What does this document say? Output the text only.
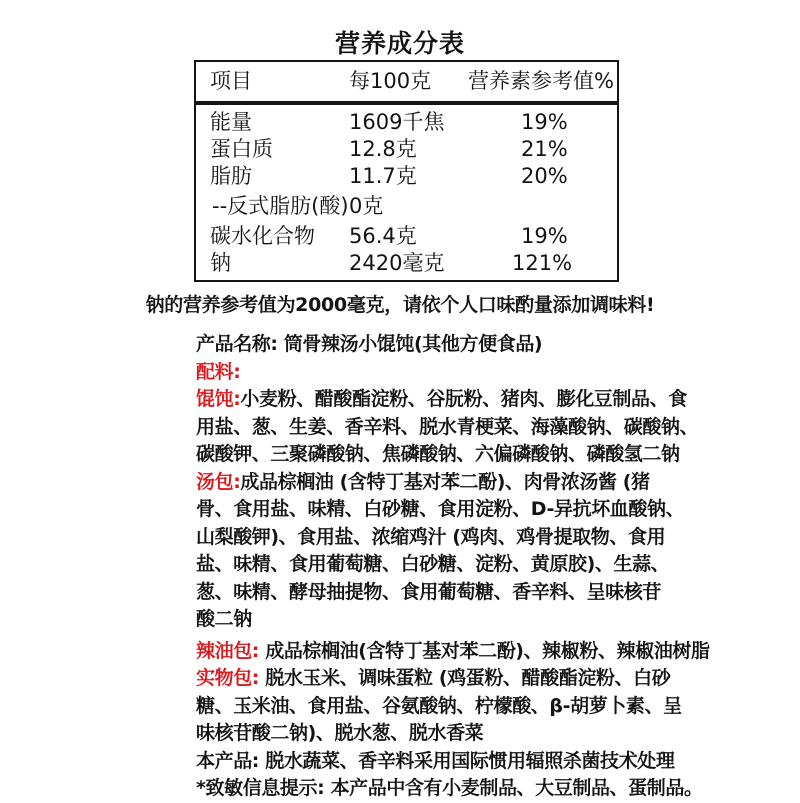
营养成分表
项目	每100克 营养素参考值%
能量	1609千焦	19%
蛋白质	12.8克	21%
脂肪	11.7克	20%
--反式脂肪(酸) 0克
碳水化合物 56.4克	19%
钠	2420毫克	121%
钠的营养参考值为2000毫克，请依个人口味酌量添加调味料!
产品名称: 筒骨辣汤小馄饨(其他方便食品)
配料:
馄饨:小麦粉、醋酸酯淀粉、谷朊粉、猪肉、膨化豆制品、食
用盐、葱、生姜、香辛料、脱水青梗菜、海藻酸钠、碳酸钠、
碳酸钾、三聚磷酸钠、焦磷酸钠、六偏磷酸钠、磷酸氢二钠
汤包:成品棕榈油 (含特丁基对苯二酚)、肉骨浓汤酱 (猪
骨、食用盐、味精、白砂糖、食用淀粉、D-异抗坏血酸钠、
山梨酸钾)、食用盐、浓缩鸡汁 (鸡肉、鸡骨提取物、食用
盐、味精、食用葡萄糖、白砂糖、淀粉、黄原胶)、生蒜、
葱、味精、酵母抽提物、食用葡萄糖、香辛料、呈味核苷
酸二钠
辣油包: 成品棕榈油(含特丁基对苯二酚)、辣椒粉、辣椒油树脂
实物包: 脱水玉米、调味蛋粒 (鸡蛋粉、醋酸酯淀粉、白砂
糖、玉米油、食用盐、谷氨酸钠、柠檬酸、β-胡萝卜素、呈
味核苷酸二钠)、脱水葱、脱水香菜
本产品: 脱水蔬菜、香辛料采用国际惯用辐照杀菌技术处理
*致敏信息提示: 本产品中含有小麦制品、大豆制品、蛋制品。
